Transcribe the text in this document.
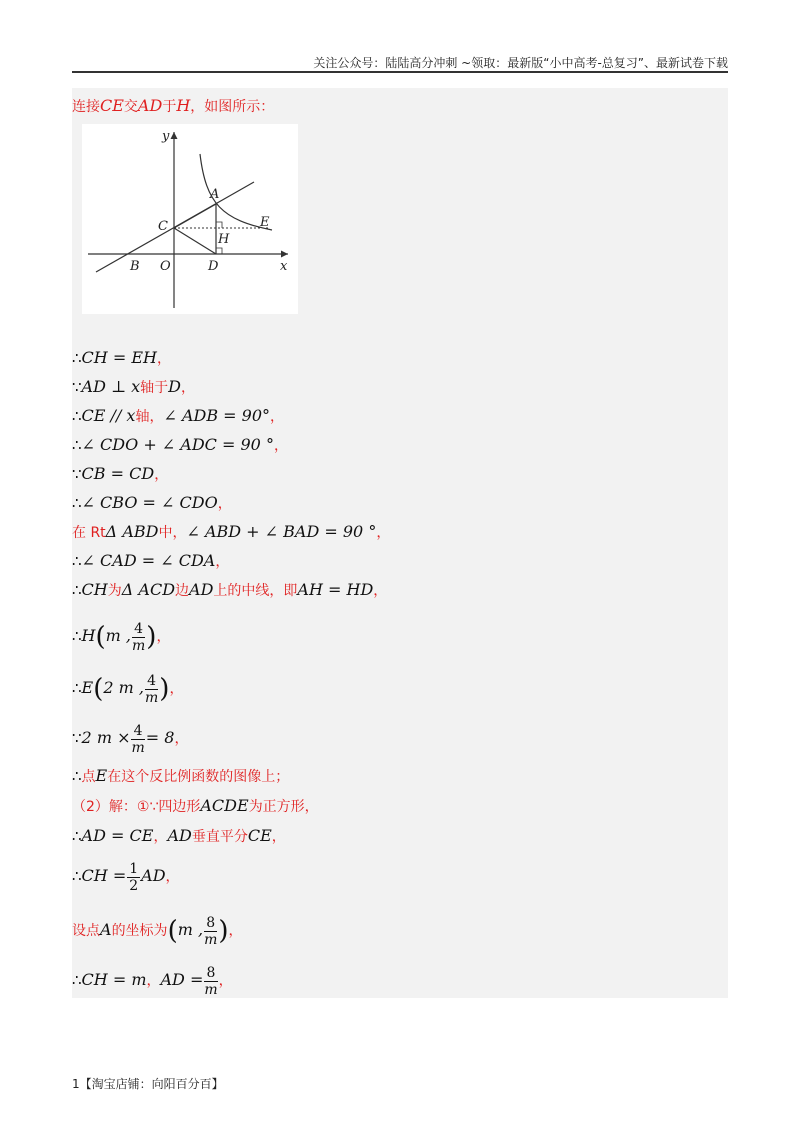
关注公众号：陆陆高分冲刺 ~领取：最新版“小中高考-总复习”、最新试卷下载
连接CE交AD于H，如图所示：
y
x
A
C	E
H
B O	D
∴CH = EH，
∵AD ⊥ x轴于D，
∴CE // x轴，∠ ADB = 90°，
∴∠ CDO + ∠ ADC = 90 °，
∵CB = CD，
∴∠ CBO = ∠ CDO，
在 RtΔ ABD中，∠ ABD + ∠ BAD = 90 °，
∴∠ CAD = ∠ CDA，
∴CH为Δ ACD边AD上的中线，即AH = HD，
∴H(m , $\frac{4}{m}$ )，
∴E(2 m , $\frac{4}{m}$ )，
∵2 $m \times \frac{4}{m} = 8$，
∴点E在这个反比例函数的图像上；
（2）解：①∵四边形ACDE为正方形，
∴AD = CE，AD垂直平分CE，
∴CH = $\frac{1}{2}$ AD，
设点A的坐标为(m , $\frac{8}{m}$ )，
∴CH = m，AD = $\frac{8}{m}$ ，
1【淘宝店铺：向阳百分百】
